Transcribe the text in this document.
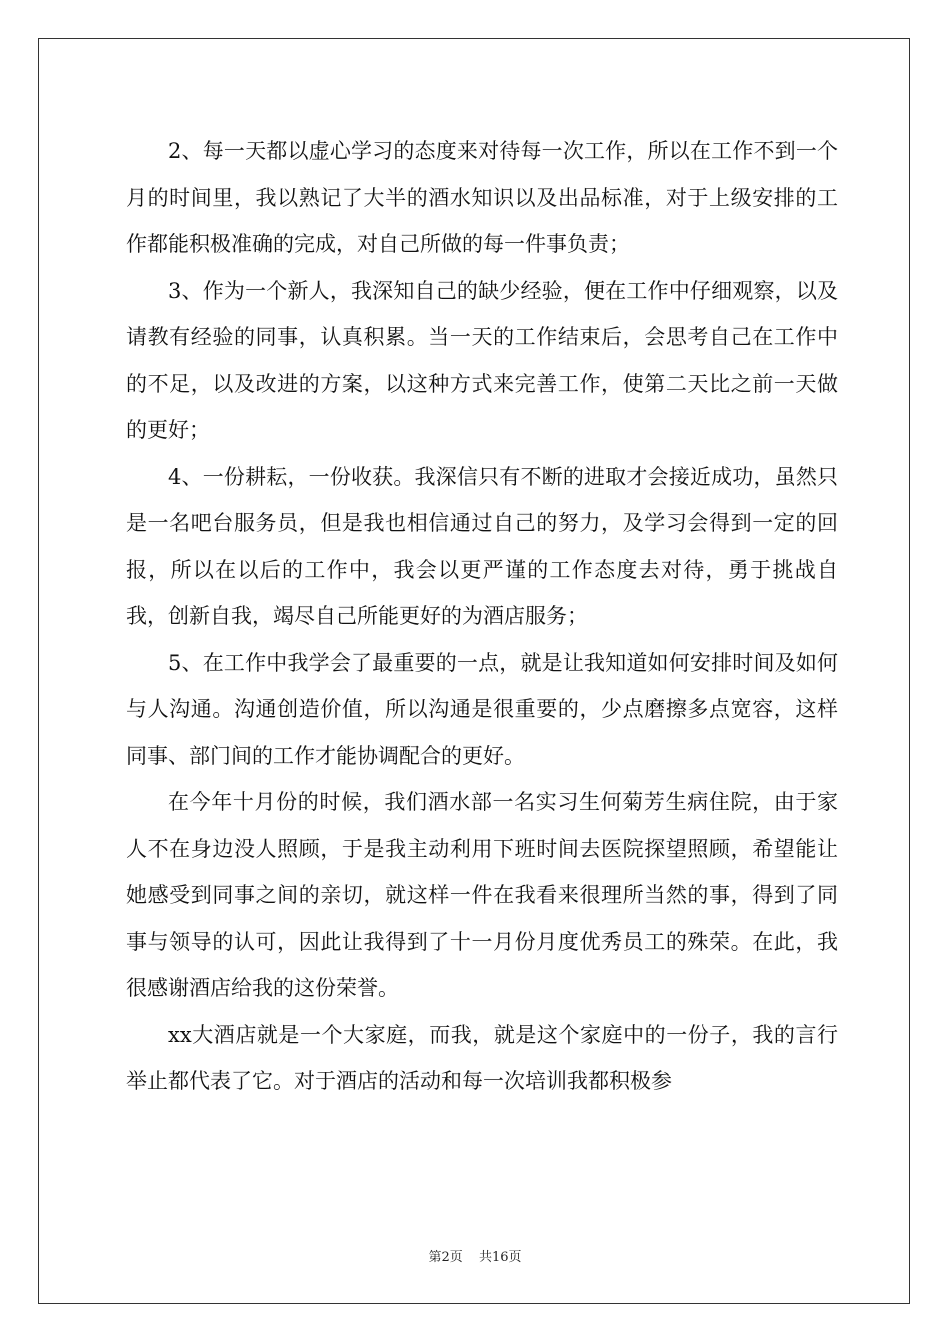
2、每一天都以虚心学习的态度来对待每一次工作，所以在工作不到一个月的时间里，我以熟记了大半的酒水知识以及出品标准，对于上级安排的工作都能积极准确的完成，对自己所做的每一件事负责；

3、作为一个新人，我深知自己的缺少经验，便在工作中仔细观察，以及请教有经验的同事，认真积累。当一天的工作结束后，会思考自己在工作中的不足，以及改进的方案，以这种方式来完善工作，使第二天比之前一天做的更好；

4、一份耕耘，一份收获。我深信只有不断的进取才会接近成功，虽然只是一名吧台服务员，但是我也相信通过自己的努力，及学习会得到一定的回报，所以在以后的工作中，我会以更严谨的工作态度去对待，勇于挑战自我，创新自我，竭尽自己所能更好的为酒店服务；

5、在工作中我学会了最重要的一点，就是让我知道如何安排时间及如何与人沟通。沟通创造价值，所以沟通是很重要的，少点磨擦多点宽容，这样同事、部门间的工作才能协调配合的更好。

在今年十月份的时候，我们酒水部一名实习生何菊芳生病住院，由于家人不在身边没人照顾，于是我主动利用下班时间去医院探望照顾，希望能让她感受到同事之间的亲切，就这样一件在我看来很理所当然的事，得到了同事与领导的认可，因此让我得到了十一月份月度优秀员工的殊荣。在此，我很感谢酒店给我的这份荣誉。

xx大酒店就是一个大家庭，而我，就是这个家庭中的一份子，我的言行举止都代表了它。对于酒店的活动和每一次培训我都积极参

第2页 共16页
